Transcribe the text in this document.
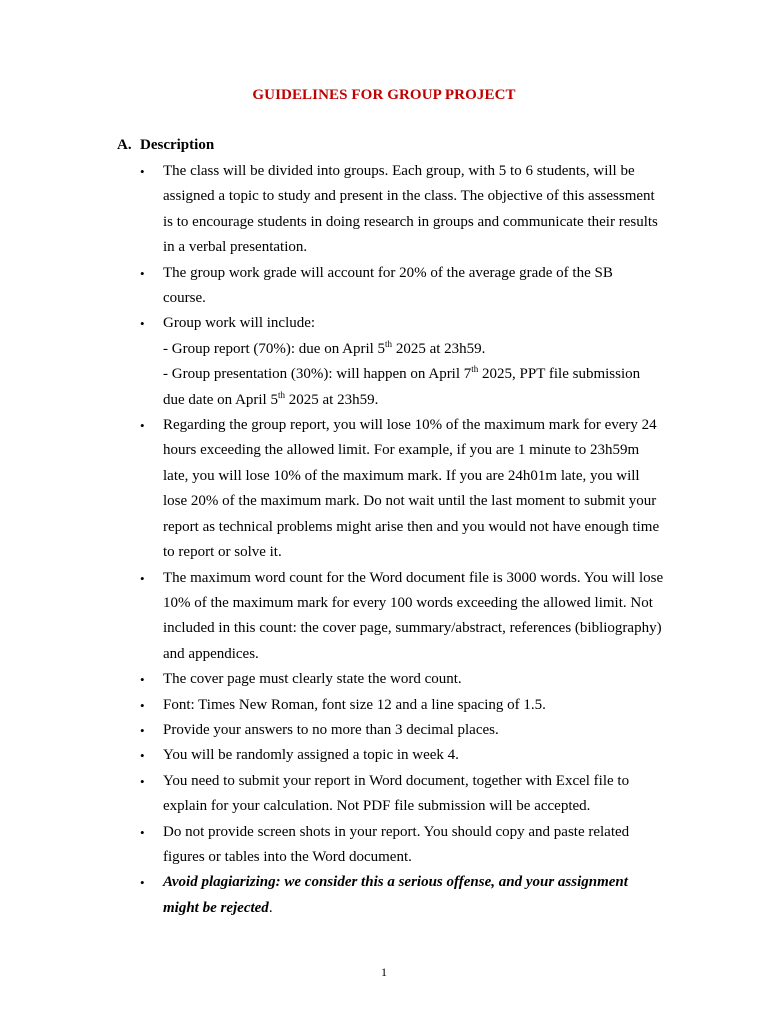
GUIDELINES FOR GROUP PROJECT
A. Description
• The class will be divided into groups. Each group, with 5 to 6 students, will be
assigned a topic to study and present in the class. The objective of this assessment
is to encourage students in doing research in groups and communicate their results
in a verbal presentation.
• The group work grade will account for 20% of the average grade of the SB
course.
• Group work will include:
- Group report (70%): due on April 5th 2025 at 23h59.
- Group presentation (30%): will happen on April 7th 2025, PPT file submission
due date on April 5th 2025 at 23h59.
• Regarding the group report, you will lose 10% of the maximum mark for every 24
hours exceeding the allowed limit. For example, if you are 1 minute to 23h59m
late, you will lose 10% of the maximum mark. If you are 24h01m late, you will
lose 20% of the maximum mark. Do not wait until the last moment to submit your
report as technical problems might arise then and you would not have enough time
to report or solve it.
• The maximum word count for the Word document file is 3000 words. You will lose
10% of the maximum mark for every 100 words exceeding the allowed limit. Not
included in this count: the cover page, summary/abstract, references (bibliography)
and appendices.
• The cover page must clearly state the word count.
• Font: Times New Roman, font size 12 and a line spacing of 1.5.
• Provide your answers to no more than 3 decimal places.
• You will be randomly assigned a topic in week 4.
• You need to submit your report in Word document, together with Excel file to
explain for your calculation. Not PDF file submission will be accepted.
• Do not provide screen shots in your report. You should copy and paste related
figures or tables into the Word document.
• Avoid plagiarizing: we consider this a serious offense, and your assignment
might be rejected.
1
